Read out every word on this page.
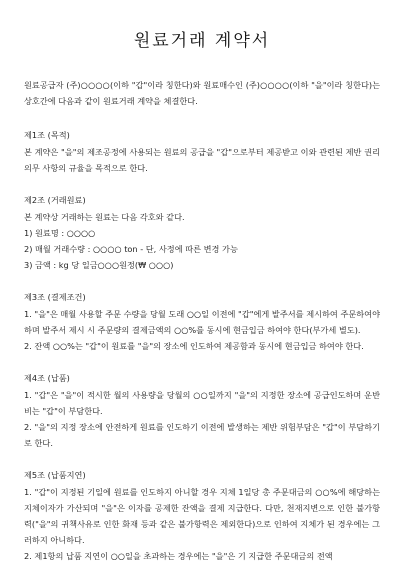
원료거래 계약서

원료공급자 (주)○○○○(이하 "갑"이라 칭한다)와 원료매수인 (주)○○○○(이하 "을"이라 칭한다)는 상호간에 다음과 같이 원료거래 계약을 체결한다.

제1조 (목적)

본 계약은 "을"의 제조공정에 사용되는 원료의 공급을 "갑"으로부터 제공받고 이와 관련된 제반 권리의무 사항의 규율을 목적으로 한다.

제2조 (거래원료)

본 계약상 거래하는 원료는 다음 각호와 같다.

1) 원료명 : ○○○○

2) 매월 거래수량 : ○○○○ ton - 단, 사정에 따른 변경 가능

3) 금액 : kg 당 일금○○○원정(₩ ○○○)

제3조 (결제조건)

1. "을"은 매월 사용할 주문 수량을 당월 도래 ○○일 이전에 "갑"에게 발주서를 제시하여 주문하여야 하며 발주서 제시 시 주문량의 결제금액의 ○○%를 동시에 현금입금 하여야 한다(부가세 별도).

2. 잔액 ○○%는 "갑"이 원료를 "을"의 장소에 인도하여 제공함과 동시에 현금입금 하여야 한다.

제4조 (납품)

1. "갑"은 "을"이 적시한 월의 사용량을 당월의 ○○일까지 "을"의 지정한 장소에 공급인도하며 운반비는 "갑"이 부담한다.

2. "을"의 지정 장소에 안전하게 원료를 인도하기 이전에 발생하는 제반 위험부담은 "갑"이 부담하기로 한다.

제5조 (납품지연)

1. "갑"이 지정된 기일에 원료를 인도하지 아니할 경우 지체 1일당 총 주문대금의 ○○%에 해당하는 지체이자가 가산되며 "을"은 이자를 공제한 잔액을 결제 지급한다. 다만, 천재지변으로 인한 불가항력("을"의 귀책사유로 인한 화재 등과 같은 불가항력은 제외한다)으로 인하여 지체가 된 경우에는 그러하지 아니하다.

2. 제1항의 납품 지연이 ○○일을 초과하는 경우에는 "을"은 기 지급한 주문대금의 전액
